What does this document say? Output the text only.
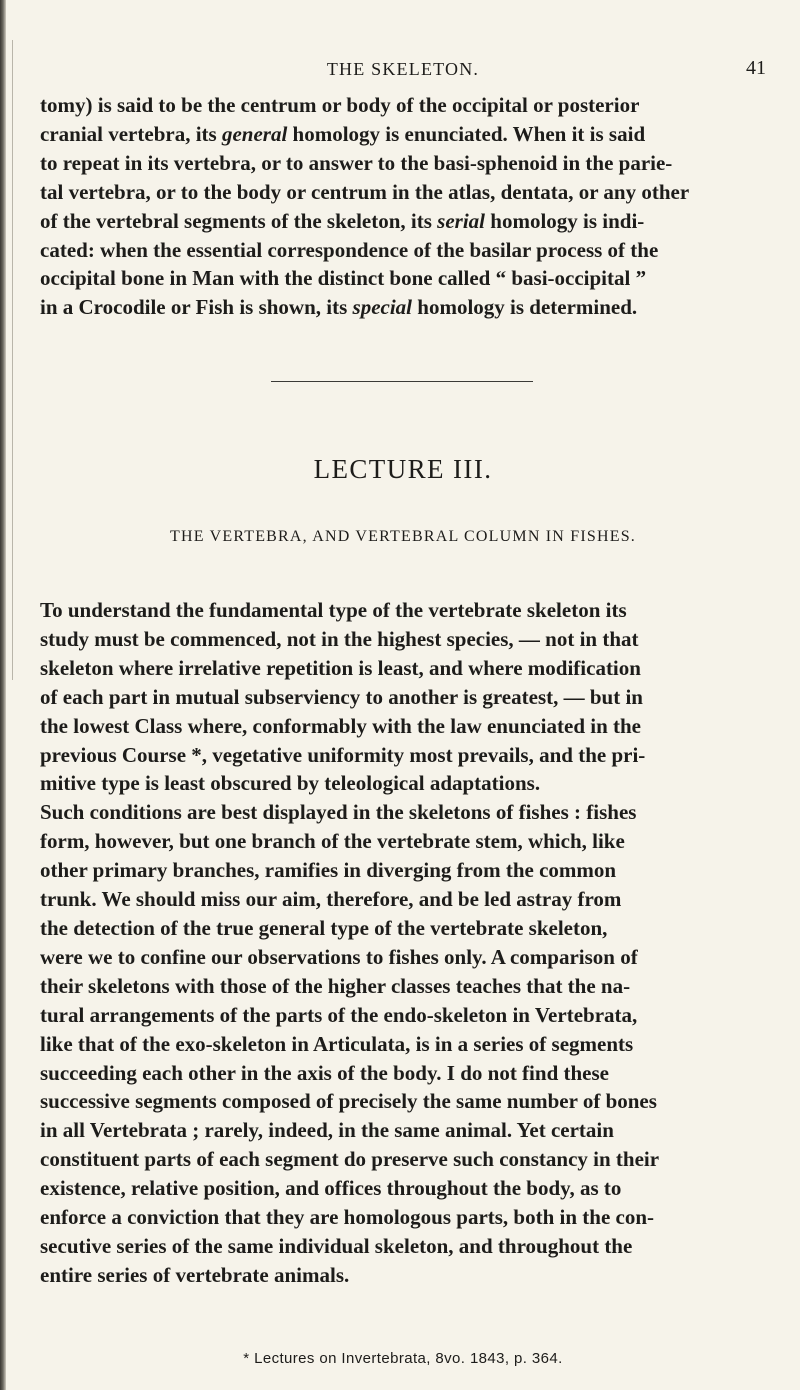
THE SKELETON.	41

tomy) is said to be the centrum or body of the occipital or posterior

cranial vertebra, its general homology is enunciated. When it is said

to repeat in its vertebra, or to answer to the basi-sphenoid in the parie-

tal vertebra, or to the body or centrum in the atlas, dentata, or any other

of the vertebral segments of the skeleton, its serial homology is indi-

cated: when the essential correspondence of the basilar process of the

occipital bone in Man with the distinct bone called “ basi-occipital ”

in a Crocodile or Fish is shown, its special homology is determined.

LECTURE III.
THE VERTEBRA, AND VERTEBRAL COLUMN IN FISHES.

To understand the fundamental type of the vertebrate skeleton its

study must be commenced, not in the highest species, — not in that

skeleton where irrelative repetition is least, and where modification

of each part in mutual subserviency to another is greatest, — but in

the lowest Class where, conformably with the law enunciated in the

previous Course *, vegetative uniformity most prevails, and the pri-

mitive type is least obscured by teleological adaptations.

Such conditions are best displayed in the skeletons of fishes : fishes

form, however, but one branch of the vertebrate stem, which, like

other primary branches, ramifies in diverging from the common

trunk. We should miss our aim, therefore, and be led astray from

the detection of the true general type of the vertebrate skeleton,

were we to confine our observations to fishes only. A comparison of

their skeletons with those of the higher classes teaches that the na-

tural arrangements of the parts of the endo-skeleton in Vertebrata,

like that of the exo-skeleton in Articulata, is in a series of segments

succeeding each other in the axis of the body. I do not find these

successive segments composed of precisely the same number of bones

in all Vertebrata ; rarely, indeed, in the same animal. Yet certain

constituent parts of each segment do preserve such constancy in their

existence, relative position, and offices throughout the body, as to

enforce a conviction that they are homologous parts, both in the con-

secutive series of the same individual skeleton, and throughout the

entire series of vertebrate animals.

* Lectures on Invertebrata, 8vo. 1843, p. 364.
